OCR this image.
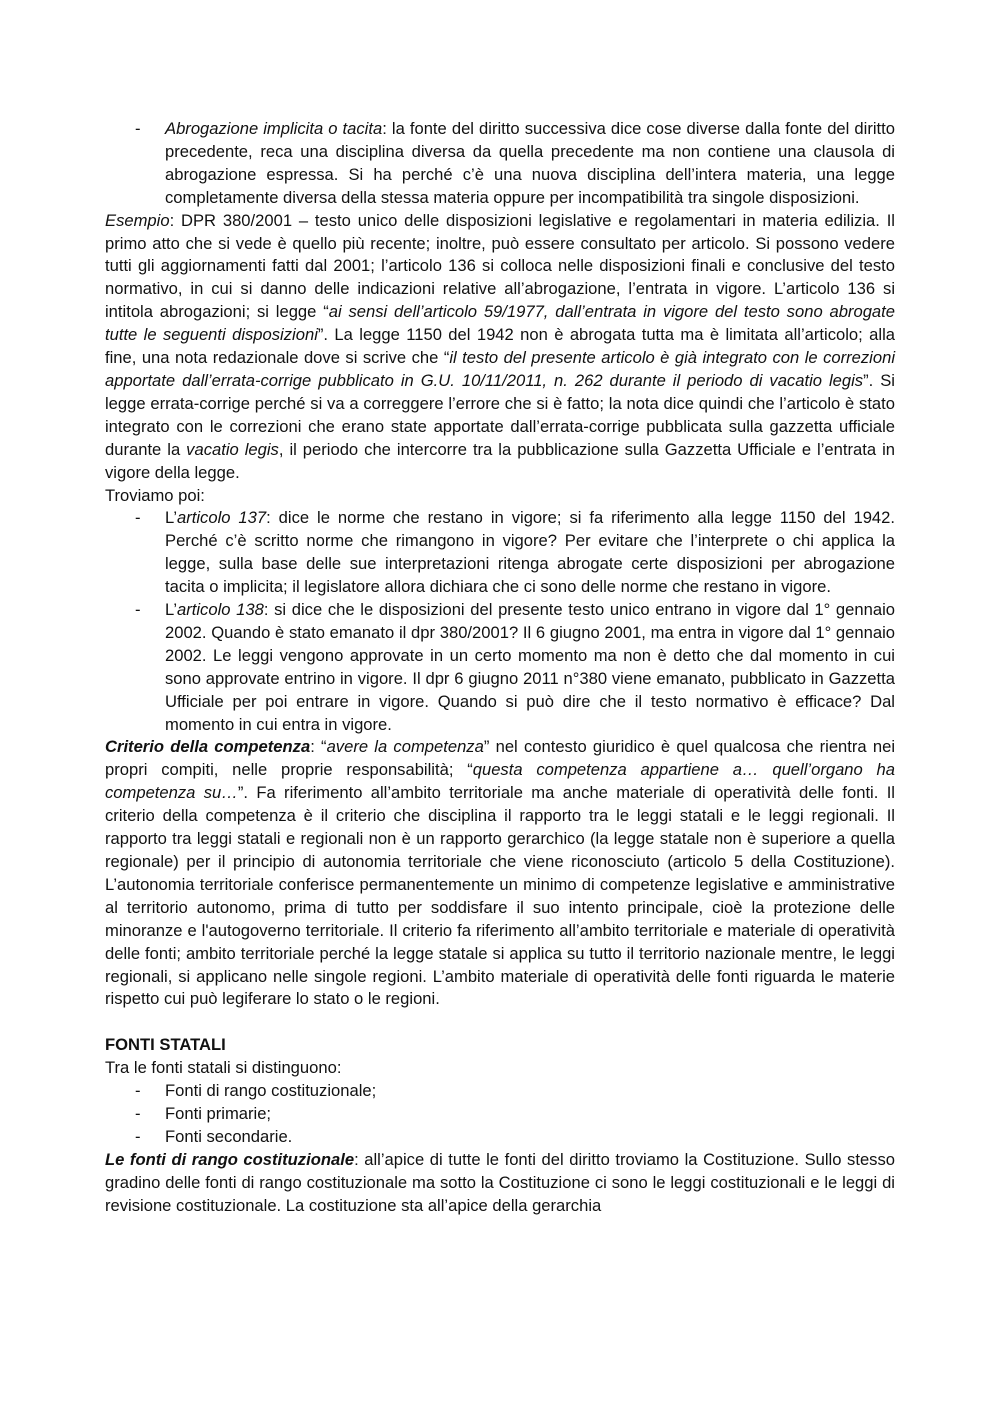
- Abrogazione implicita o tacita: la fonte del diritto successiva dice cose diverse dalla fonte del diritto precedente, reca una disciplina diversa da quella precedente ma non contiene una clausola di abrogazione espressa. Si ha perché c’è una nuova disciplina dell’intera materia, una legge completamente diversa della stessa materia oppure per incompatibilità tra singole disposizioni.

Esempio: DPR 380/2001 – testo unico delle disposizioni legislative e regolamentari in materia edilizia. Il primo atto che si vede è quello più recente; inoltre, può essere consultato per articolo. Si possono vedere tutti gli aggiornamenti fatti dal 2001; l’articolo 136 si colloca nelle disposizioni finali e conclusive del testo normativo, in cui si danno delle indicazioni relative all’abrogazione, l’entrata in vigore. L’articolo 136 si intitola abrogazioni; si legge “ai sensi dell’articolo 59/1977, dall’entrata in vigore del testo sono abrogate tutte le seguenti disposizioni”. La legge 1150 del 1942 non è abrogata tutta ma è limitata all’articolo; alla fine, una nota redazionale dove si scrive che “il testo del presente articolo è già integrato con le correzioni apportate dall’errata-corrige pubblicato in G.U. 10/11/2011, n. 262 durante il periodo di vacatio legis”. Si legge errata-corrige perché si va a correggere l’errore che si è fatto; la nota dice quindi che l’articolo è stato integrato con le correzioni che erano state apportate dall’errata-corrige pubblicata sulla gazzetta ufficiale durante la vacatio legis, il periodo che intercorre tra la pubblicazione sulla Gazzetta Ufficiale e l’entrata in vigore della legge.

Troviamo poi:

- L’articolo 137: dice le norme che restano in vigore; si fa riferimento alla legge 1150 del 1942. Perché c’è scritto norme che rimangono in vigore? Per evitare che l’interprete o chi applica la legge, sulla base delle sue interpretazioni ritenga abrogate certe disposizioni per abrogazione tacita o implicita; il legislatore allora dichiara che ci sono delle norme che restano in vigore.
- L’articolo 138: si dice che le disposizioni del presente testo unico entrano in vigore dal 1° gennaio 2002. Quando è stato emanato il dpr 380/2001? Il 6 giugno 2001, ma entra in vigore dal 1° gennaio 2002. Le leggi vengono approvate in un certo momento ma non è detto che dal momento in cui sono approvate entrino in vigore. Il dpr 6 giugno 2011 n°380 viene emanato, pubblicato in Gazzetta Ufficiale per poi entrare in vigore. Quando si può dire che il testo normativo è efficace? Dal momento in cui entra in vigore.

Criterio della competenza: “avere la competenza” nel contesto giuridico è quel qualcosa che rientra nei propri compiti, nelle proprie responsabilità; “questa competenza appartiene a… quell’organo ha competenza su…”. Fa riferimento all’ambito territoriale ma anche materiale di operatività delle fonti. Il criterio della competenza è il criterio che disciplina il rapporto tra le leggi statali e le leggi regionali. Il rapporto tra leggi statali e regionali non è un rapporto gerarchico (la legge statale non è superiore a quella regionale) per il principio di autonomia territoriale che viene riconosciuto (articolo 5 della Costituzione). L’autonomia territoriale conferisce permanentemente un minimo di competenze legislative e amministrative al territorio autonomo, prima di tutto per soddisfare il suo intento principale, cioè la protezione delle minoranze e l'autogoverno territoriale. Il criterio fa riferimento all’ambito territoriale e materiale di operatività delle fonti; ambito territoriale perché la legge statale si applica su tutto il territorio nazionale mentre, le leggi regionali, si applicano nelle singole regioni. L’ambito materiale di operatività delle fonti riguarda le materie rispetto cui può legiferare lo stato o le regioni.

FONTI STATALI

Tra le fonti statali si distinguono:

- Fonti di rango costituzionale;
- Fonti primarie;
- Fonti secondarie.

Le fonti di rango costituzionale: all’apice di tutte le fonti del diritto troviamo la Costituzione. Sullo stesso gradino delle fonti di rango costituzionale ma sotto la Costituzione ci sono le leggi costituzionali e le leggi di revisione costituzionale. La costituzione sta all’apice della gerarchia
